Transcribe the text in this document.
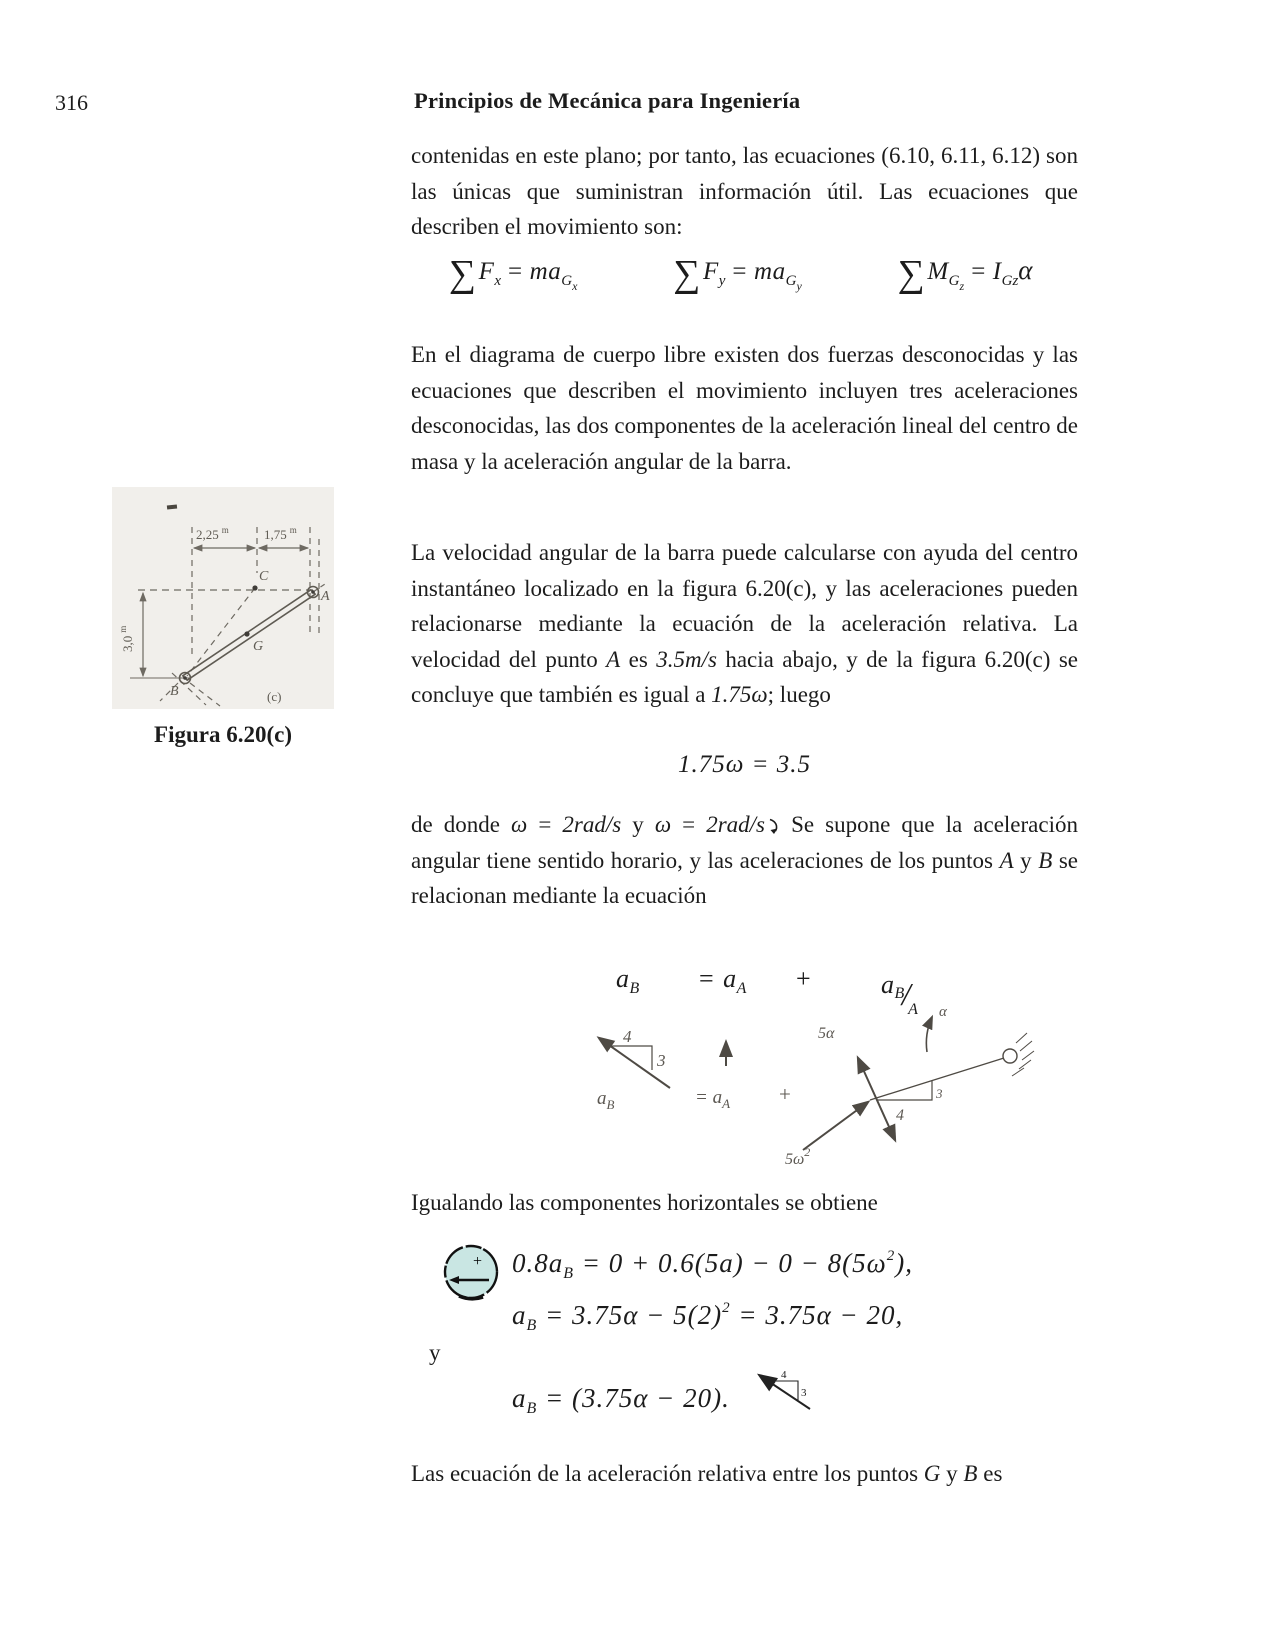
316	Principios de Mecánica para Ingeniería

contenidas en este plano; por tanto, las ecuaciones (6.10, 6.11, 6.12) son las únicas que suministran información útil. Las ecuaciones que describen el movimiento son:

$\sum F_x = ma_{G_x}$	$\sum F_y = ma_{G_y}$	$\sum M_{G_z}= I_{Gz}\alpha$

En el diagrama de cuerpo libre existen dos fuerzas desconocidas y las ecuaciones que describen el movimiento incluyen tres aceleraciones desconocidas, las dos componentes de la aceleración lineal del centro de masa y la aceleración angular de la barra.

2,25 $^m$	1,75 $^m$
3,0$^m$
C
A
G
B	(c)
Figura 6.20(c)

La velocidad angular de la barra puede calcularse con ayuda del centro instantáneo localizado en la figura 6.20(c), y las aceleraciones pueden relacionarse mediante la ecuación de la aceleración relativa. La velocidad del punto A es 3.5m/s hacia abajo, y de la figura 6.20(c) se concluye que también es igual a 1.75ω; luego

1.75ω = 3.5

de donde ω = 2rad/s y ω = 2rad/s Se supone que la aceleración angular tiene sentido horario, y las aceleraciones de los puntos A y B se relacionan mediante la ecuación

$a_B = a_A$ +	$aB/_A$
4
3
$a_B$	= $a_A$ +
5α
α
3
4
$5\omega^2$

Igualando las componentes horizontales se obtiene

+ $0.8a_B = 0 + 0.6(5a) - 0 - 8(5\omega^2)$,
$a_B = 3.75\alpha - 5(2)^2 = 3.75\alpha - 20$,
y
$a_B = (3.75\alpha - 20)$.
4
3

Las ecuación de la aceleración relativa entre los puntos G y B es
